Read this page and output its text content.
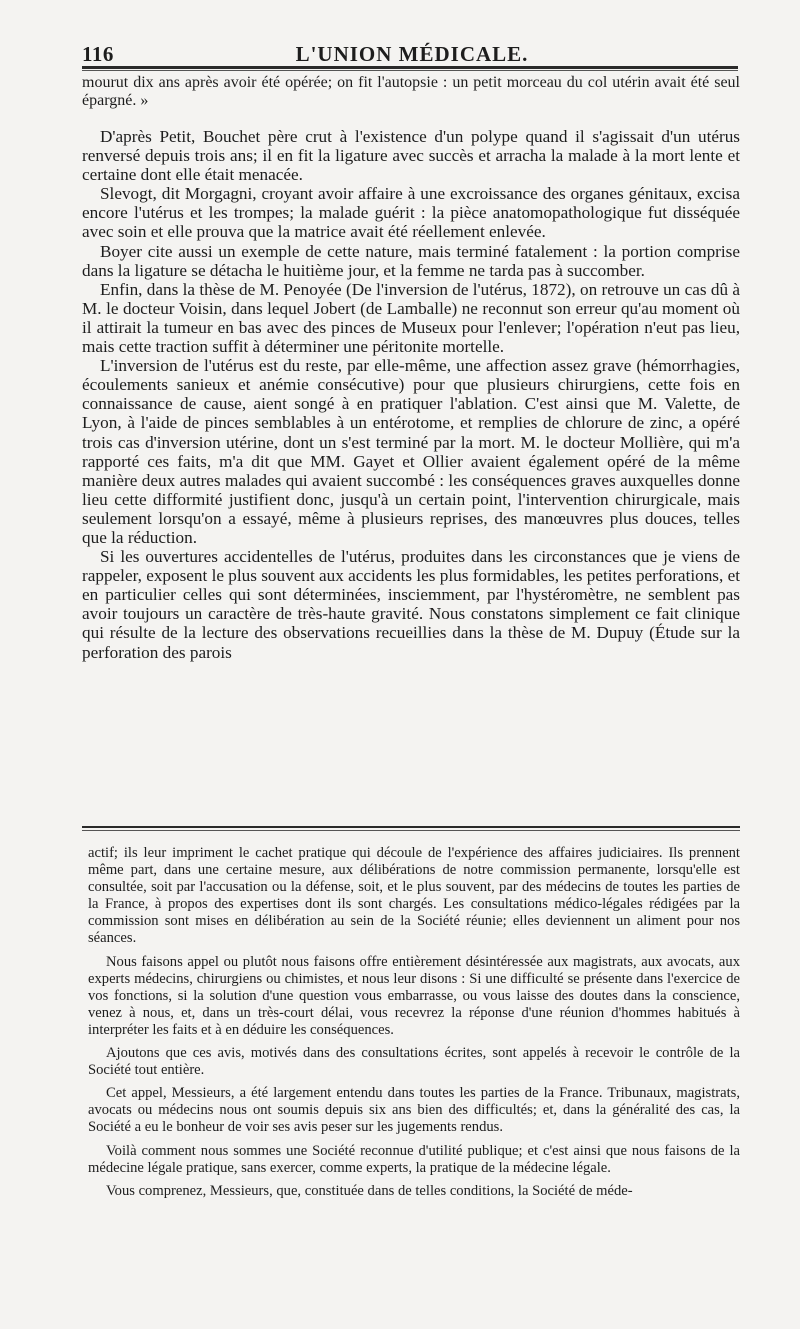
116	L'UNION MÉDICALE.

mourut dix ans après avoir été opérée; on fit l'autopsie : un petit morceau du col utérin avait été seul épargné. »

D'après Petit, Bouchet père crut à l'existence d'un polype quand il s'agissait d'un utérus renversé depuis trois ans; il en fit la ligature avec succès et arracha la malade à la mort lente et certaine dont elle était menacée.

Slevogt, dit Morgagni, croyant avoir affaire à une excroissance des organes génitaux, excisa encore l'utérus et les trompes; la malade guérit : la pièce anatomopathologique fut disséquée avec soin et elle prouva que la matrice avait été réellement enlevée.

Boyer cite aussi un exemple de cette nature, mais terminé fatalement : la portion comprise dans la ligature se détacha le huitième jour, et la femme ne tarda pas à succomber.

Enfin, dans la thèse de M. Penoyée (De l'inversion de l'utérus, 1872), on retrouve un cas dû à M. le docteur Voisin, dans lequel Jobert (de Lamballe) ne reconnut son erreur qu'au moment où il attirait la tumeur en bas avec des pinces de Museux pour l'enlever; l'opération n'eut pas lieu, mais cette traction suffit à déterminer une péritonite mortelle.

L'inversion de l'utérus est du reste, par elle-même, une affection assez grave (hémorrhagies, écoulements sanieux et anémie consécutive) pour que plusieurs chirurgiens, cette fois en connaissance de cause, aient songé à en pratiquer l'ablation. C'est ainsi que M. Valette, de Lyon, à l'aide de pinces semblables à un entérotome, et remplies de chlorure de zinc, a opéré trois cas d'inversion utérine, dont un s'est terminé par la mort. M. le docteur Mollière, qui m'a rapporté ces faits, m'a dit que MM. Gayet et Ollier avaient également opéré de la même manière deux autres malades qui avaient succombé : les conséquences graves auxquelles donne lieu cette difformité justifient donc, jusqu'à un certain point, l'intervention chirurgicale, mais seulement lorsqu'on a essayé, même à plusieurs reprises, des manœuvres plus douces, telles que la réduction.

Si les ouvertures accidentelles de l'utérus, produites dans les circonstances que je viens de rappeler, exposent le plus souvent aux accidents les plus formidables, les petites perforations, et en particulier celles qui sont déterminées, insciemment, par l'hystéromètre, ne semblent pas avoir toujours un caractère de très-haute gravité. Nous constatons simplement ce fait clinique qui résulte de la lecture des observations recueillies dans la thèse de M. Dupuy (Étude sur la perforation des parois

actif; ils leur impriment le cachet pratique qui découle de l'expérience des affaires judiciaires. Ils prennent même part, dans une certaine mesure, aux délibérations de notre commission permanente, lorsqu'elle est consultée, soit par l'accusation ou la défense, soit, et le plus souvent, par des médecins de toutes les parties de la France, à propos des expertises dont ils sont chargés. Les consultations médico-légales rédigées par la commission sont mises en délibération au sein de la Société réunie; elles deviennent un aliment pour nos séances.

Nous faisons appel ou plutôt nous faisons offre entièrement désintéressée aux magistrats, aux avocats, aux experts médecins, chirurgiens ou chimistes, et nous leur disons : Si une difficulté se présente dans l'exercice de vos fonctions, si la solution d'une question vous embarrasse, ou vous laisse des doutes dans la conscience, venez à nous, et, dans un très-court délai, vous recevrez la réponse d'une réunion d'hommes habitués à interpréter les faits et à en déduire les conséquences.

Ajoutons que ces avis, motivés dans des consultations écrites, sont appelés à recevoir le contrôle de la Société tout entière.

Cet appel, Messieurs, a été largement entendu dans toutes les parties de la France. Tribunaux, magistrats, avocats ou médecins nous ont soumis depuis six ans bien des difficultés; et, dans la généralité des cas, la Société a eu le bonheur de voir ses avis peser sur les jugements rendus.

Voilà comment nous sommes une Société reconnue d'utilité publique; et c'est ainsi que nous faisons de la médecine légale pratique, sans exercer, comme experts, la pratique de la médecine légale.

Vous comprenez, Messieurs, que, constituée dans de telles conditions, la Société de méde-
